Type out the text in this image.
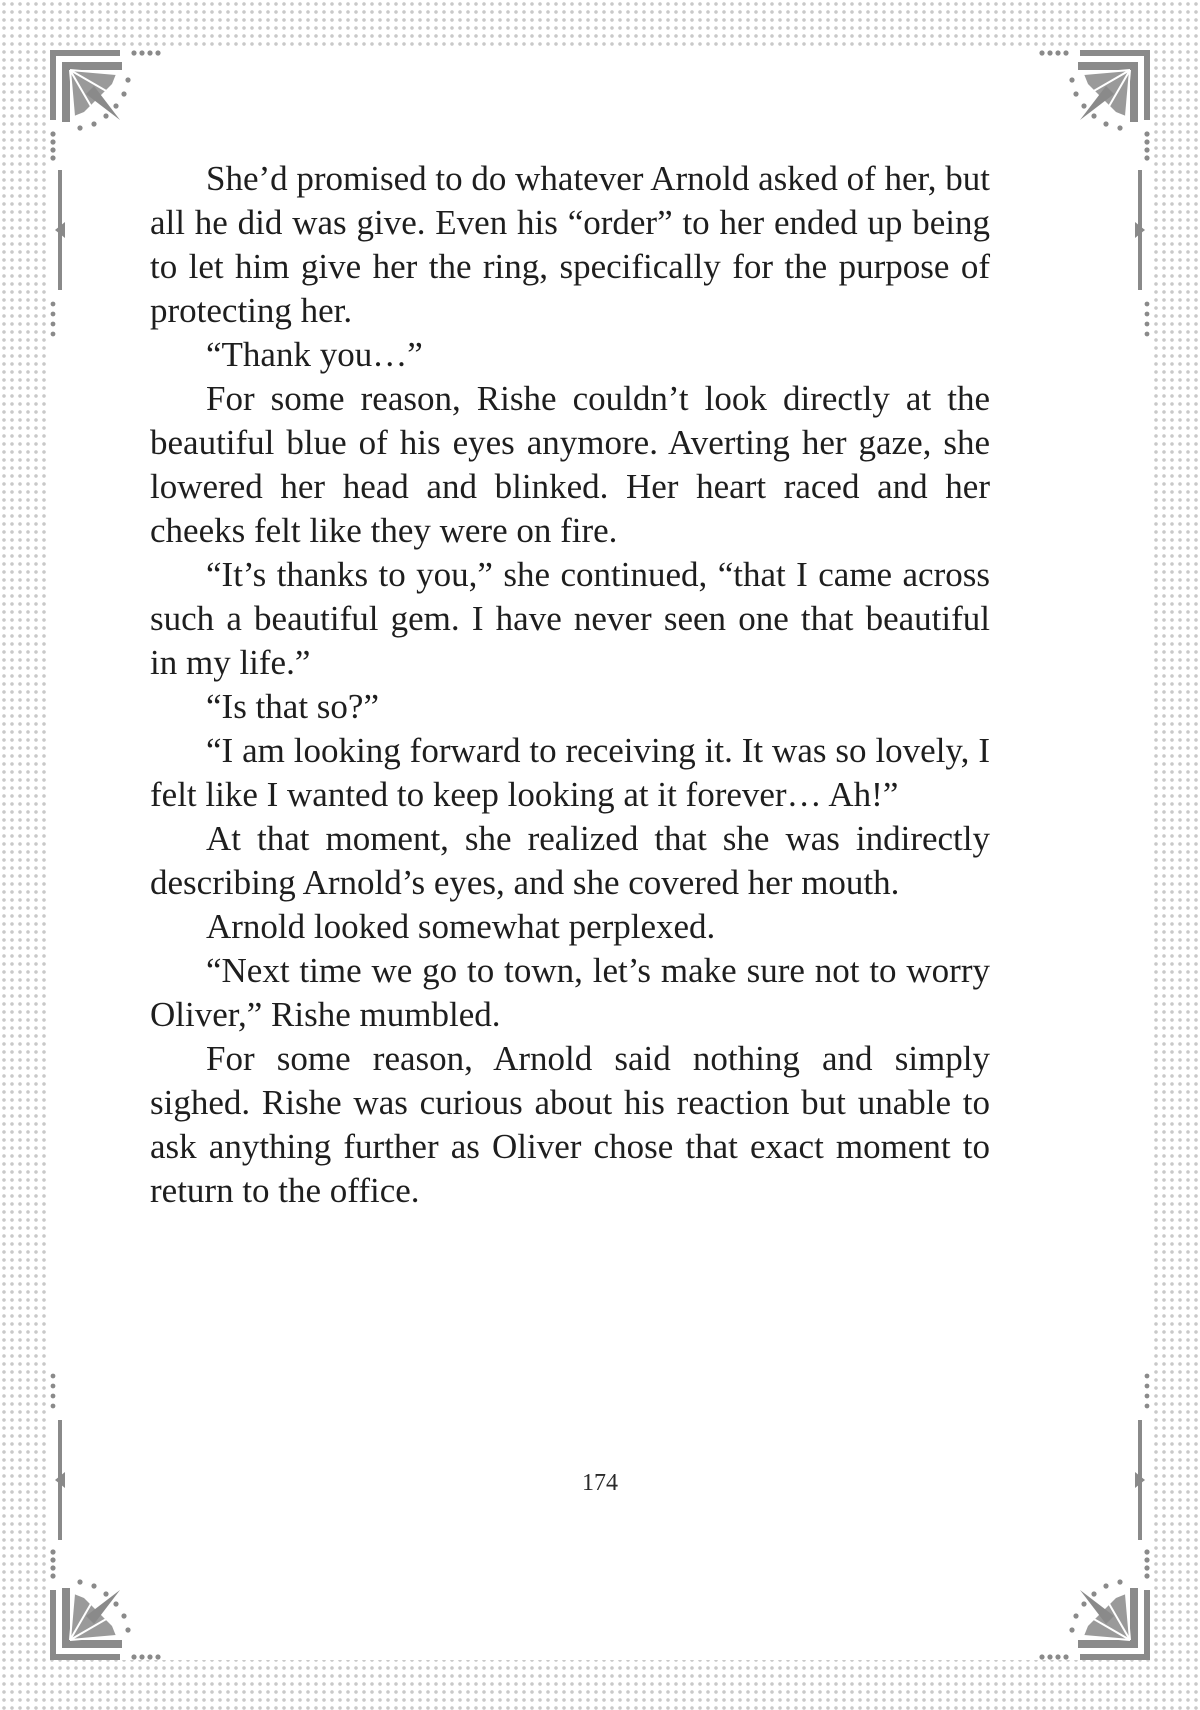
She’d promised to do whatever Arnold asked of her, but all he did was give. Even his “order” to her ended up being to let him give her the ring, specifically for the purpose of protecting her.

“Thank you…”

For some reason, Rishe couldn’t look directly at the beautiful blue of his eyes anymore. Averting her gaze, she lowered her head and blinked. Her heart raced and her cheeks felt like they were on fire.

“It’s thanks to you,” she continued, “that I came across such a beautiful gem. I have never seen one that beautiful in my life.”

“Is that so?”

“I am looking forward to receiving it. It was so lovely, I felt like I wanted to keep looking at it forever… Ah!”

At that moment, she realized that she was indirectly describing Arnold’s eyes, and she covered her mouth.

Arnold looked somewhat perplexed.

“Next time we go to town, let’s make sure not to worry Oliver,” Rishe mumbled.

For some reason, Arnold said nothing and simply sighed. Rishe was curious about his reaction but unable to ask anything further as Oliver chose that exact moment to return to the office.

174
